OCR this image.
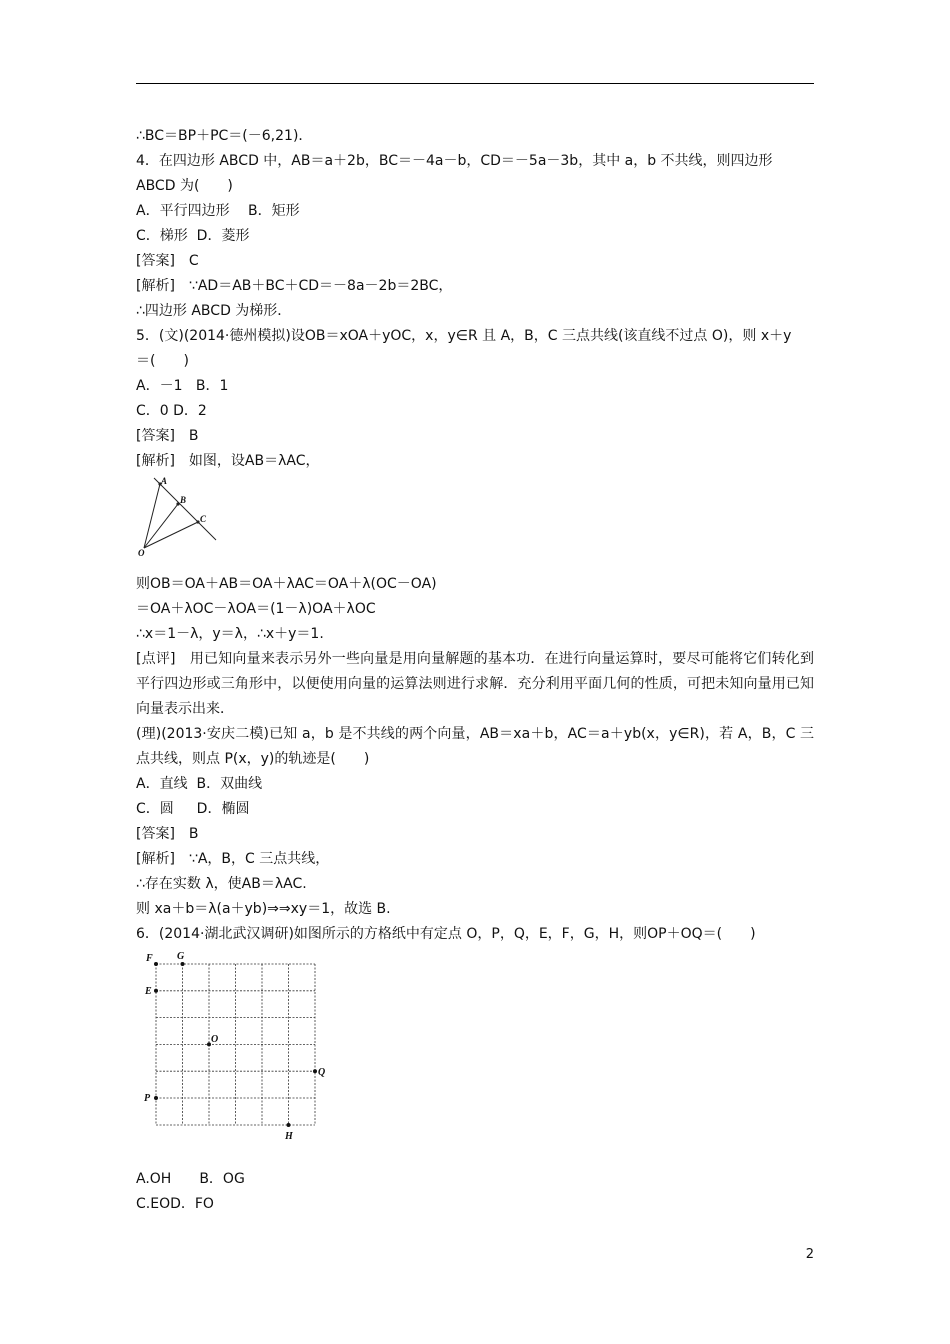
∴BC＝BP＋PC＝(－6,21)．
4．在四边形 ABCD 中，AB＝a＋2b，BC＝－4a－b，CD＝－5a－3b，其中 a，b 不共线，则四边形
ABCD 为(　　)
A．平行四边形　 B．矩形
C．梯形  D．菱形
[答案]　C
[解析]　∵AD＝AB＋BC＋CD＝－8a－2b＝2BC，
∴四边形 ABCD 为梯形．
5．(文)(2014·德州模拟)设OB＝xOA＋yOC，x，y∈R 且 A，B，C 三点共线(该直线不过点 O)，则 x＋y
＝(　　)
A．－1   B．1
C．0 D．2
[答案]　B
[解析]　如图，设AB＝λAC，
A
B
C
O
则OB＝OA＋AB＝OA＋λAC＝OA＋λ(OC－OA)
＝OA＋λOC－λOA＝(1－λ)OA＋λOC
∴x＝1－λ，y＝λ，∴x＋y＝1.
[点评]　用已知向量来表示另外一些向量是用向量解题的基本功．在进行向量运算时，要尽可能将它们转化到平行四边形或三角形中，以便使用向量的运算法则进行求解．充分利用平面几何的性质，可把未知向量用已知向量表示出来．
(理)(2013·安庆二模)已知 a，b 是不共线的两个向量，AB＝xa＋b，AC＝a＋yb(x，y∈R)，若 A，B，C 三点共线，则点 P(x，y)的轨迹是(　　)
A．直线  B．双曲线
C．圆　  D．椭圆
[答案]　B
[解析]　∵A，B，C 三点共线，
∴存在实数 λ，使AB＝λAC.
则 xa＋b＝λ(a＋yb)⇒⇒xy＝1，故选 B.
6．(2014·湖北武汉调研)如图所示的方格纸中有定点 O，P，Q，E，F，G，H，则OP＋OQ＝(　　)
F G
E
O
Q
P
H
A.OH　　B．OG
C.EOD．FO
2
